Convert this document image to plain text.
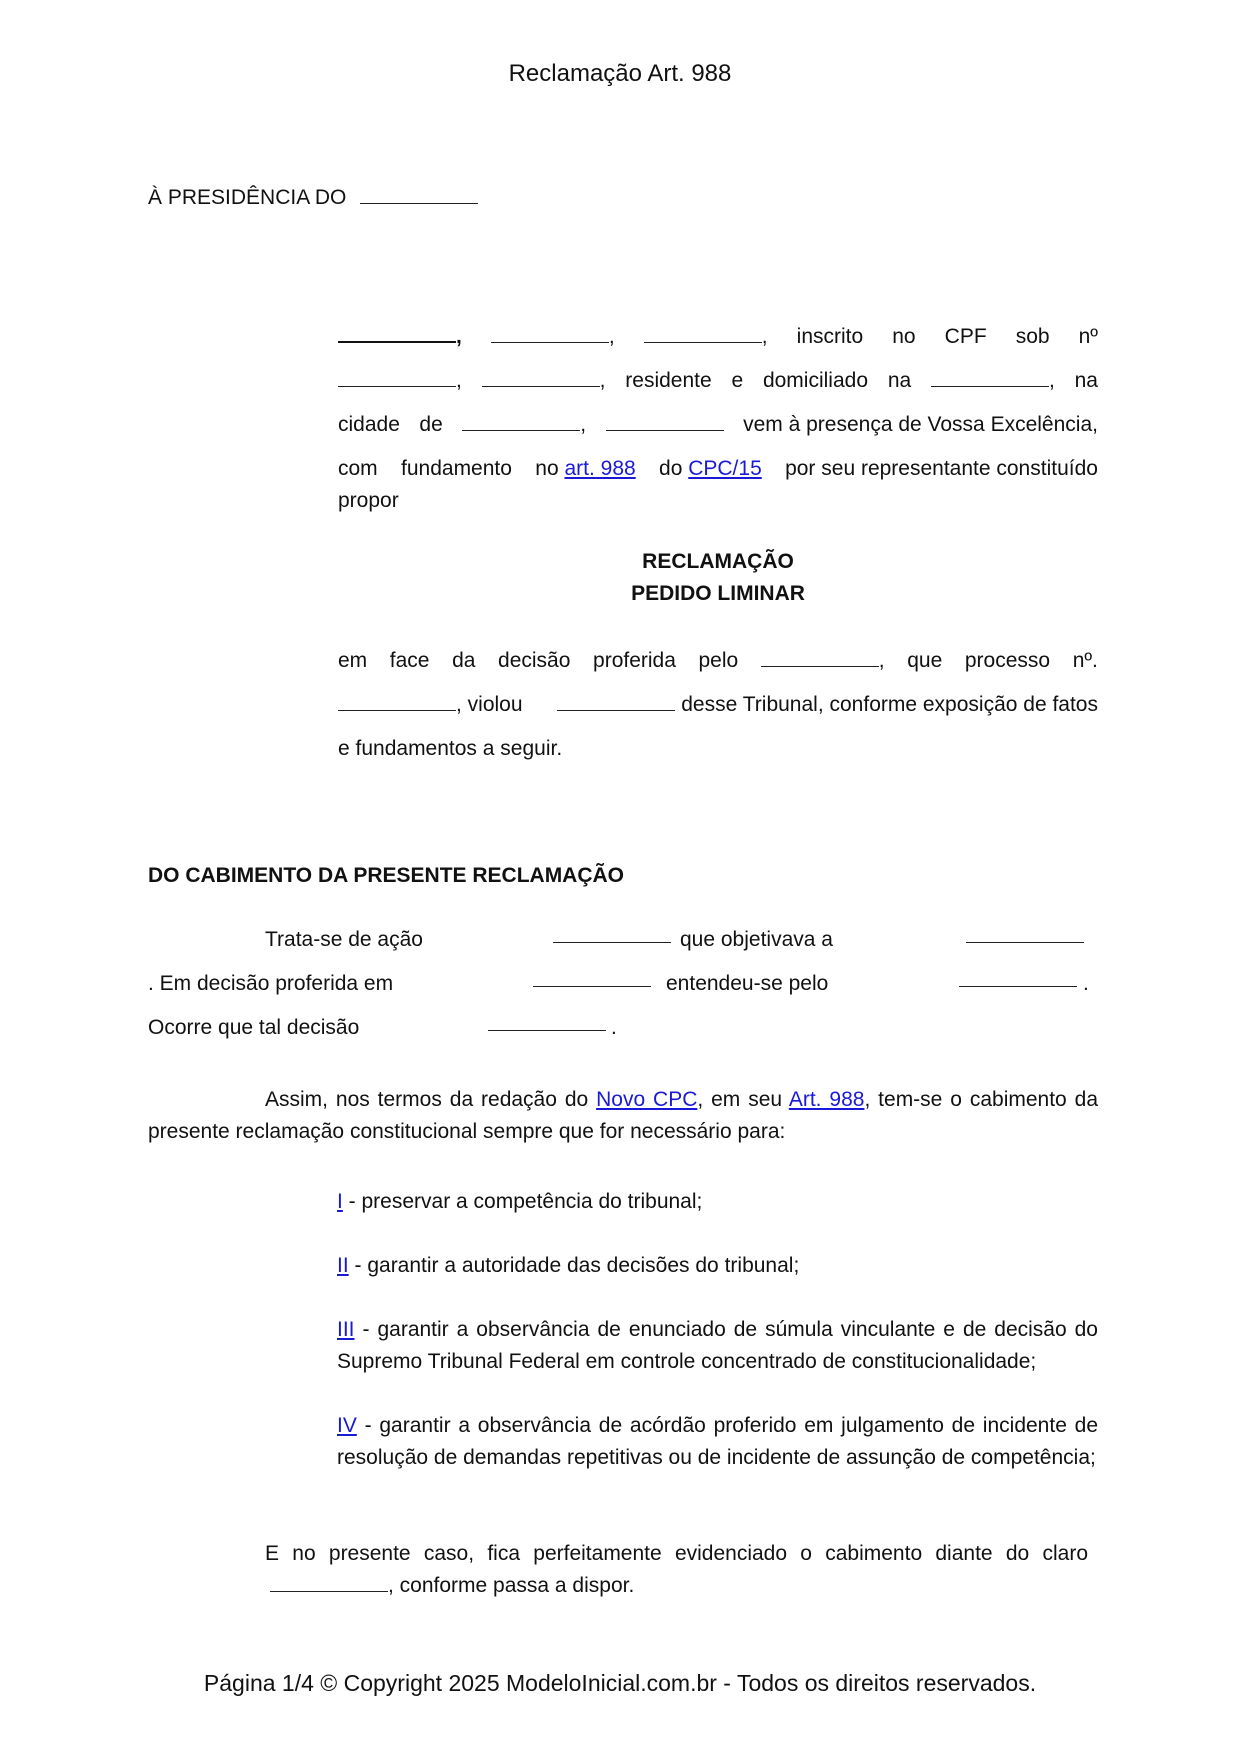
Reclamação Art. 988
À PRESIDÊNCIA DO
,	,	, inscrito no CPF sob nº
,	, residente e domiciliado na	, na
cidade de	,	vem à presença de Vossa Excelência,
com fundamento no art. 988 do CPC/15 por seu representante constituído
propor
RECLAMAÇÃO
PEDIDO LIMINAR
em face da decisão proferida pelo	, que processo nº.
, violou	desse Tribunal, conforme exposição de fatos
e fundamentos a seguir.
DO CABIMENTO DA PRESENTE RECLAMAÇÃO
Trata-se de ação	que objetivava a
. Em decisão proferida em	entendeu-se pelo	.
Ocorre que tal decisão	.
Assim, nos termos da redação do Novo CPC, em seu Art. 988, tem-se o cabimento da presente reclamação constitucional sempre que for necessário para:
I - preservar a competência do tribunal;
II - garantir a autoridade das decisões do tribunal;
III - garantir a observância de enunciado de súmula vinculante e de decisão do Supremo Tribunal Federal em controle concentrado de constitucionalidade;
IV - garantir a observância de acórdão proferido em julgamento de incidente de resolução de demandas repetitivas ou de incidente de assunção de competência;
E no presente caso, fica perfeitamente evidenciado o cabimento diante do claro
, conforme passa a dispor.
Página 1/4 © Copyright 2025 ModeloInicial.com.br - Todos os direitos reservados.
